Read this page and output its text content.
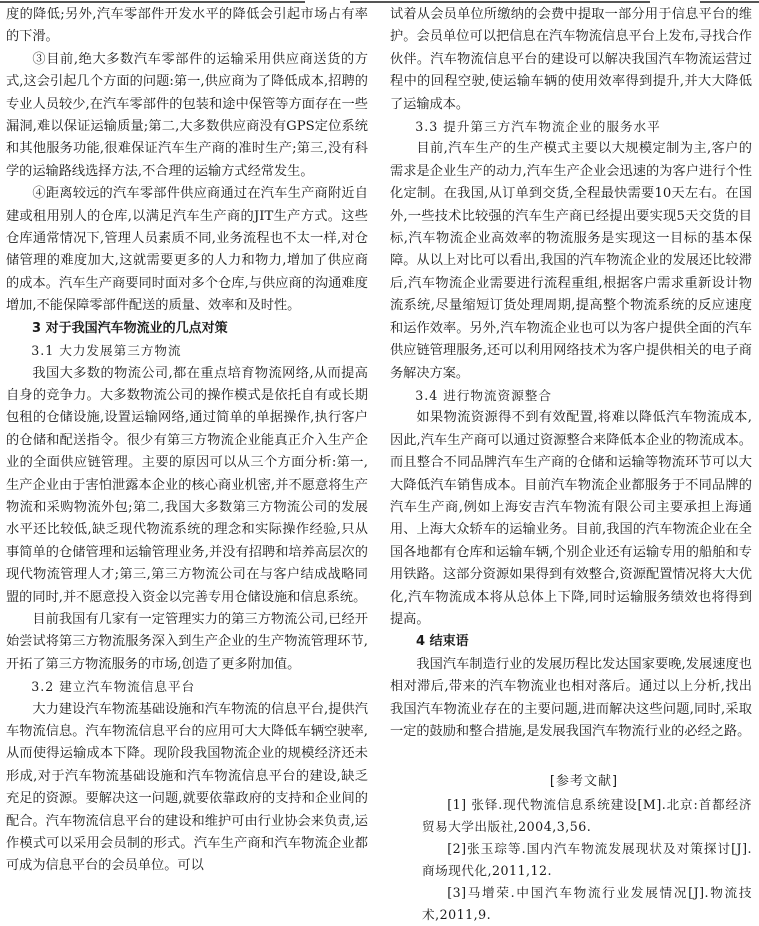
度的降低;另外,汽车零部件开发水平的降低会引起市场占有率的下滑。

③目前,绝大多数汽车零部件的运输采用供应商送货的方式,这会引起几个方面的问题:第一,供应商为了降低成本,招聘的专业人员较少,在汽车零部件的包装和途中保管等方面存在一些漏洞,难以保证运输质量;第二,大多数供应商没有GPS定位系统和其他服务功能,很难保证汽车生产商的准时生产;第三,没有科学的运输路线选择方法,不合理的运输方式经常发生。

④距离较远的汽车零部件供应商通过在汽车生产商附近自建或租用别人的仓库,以满足汽车生产商的JIT生产方式。这些仓库通常情况下,管理人员素质不同,业务流程也不太一样,对仓储管理的难度加大,这就需要更多的人力和物力,增加了供应商的成本。汽车生产商要同时面对多个仓库,与供应商的沟通难度增加,不能保障零部件配送的质量、效率和及时性。

3 对于我国汽车物流业的几点对策

3.1 大力发展第三方物流

我国大多数的物流公司,都在重点培育物流网络,从而提高自身的竞争力。大多数物流公司的操作模式是依托自有或长期包租的仓储设施,设置运输网络,通过简单的单据操作,执行客户的仓储和配送指令。很少有第三方物流企业能真正介入生产企业的全面供应链管理。主要的原因可以从三个方面分析:第一,生产企业由于害怕泄露本企业的核心商业机密,并不愿意将生产物流和采购物流外包;第二,我国大多数第三方物流公司的发展水平还比较低,缺乏现代物流系统的理念和实际操作经验,只从事简单的仓储管理和运输管理业务,并没有招聘和培养高层次的现代物流管理人才;第三,第三方物流公司在与客户结成战略同盟的同时,并不愿意投入资金以完善专用仓储设施和信息系统。

目前我国有几家有一定管理实力的第三方物流公司,已经开始尝试将第三方物流服务深入到生产企业的生产物流管理环节,开拓了第三方物流服务的市场,创造了更多附加值。

3.2 建立汽车物流信息平台

大力建设汽车物流基础设施和汽车物流的信息平台,提供汽车物流信息。汽车物流信息平台的应用可大大降低车辆空驶率,从而使得运输成本下降。现阶段我国物流企业的规模经济还未形成,对于汽车物流基础设施和汽车物流信息平台的建设,缺乏充足的资源。要解决这一问题,就要依靠政府的支持和企业间的配合。汽车物流信息平台的建设和维护可由行业协会来负责,运作模式可以采用会员制的形式。汽车生产商和汽车物流企业都可成为信息平台的会员单位。可以

试着从会员单位所缴纳的会费中提取一部分用于信息平台的维护。会员单位可以把信息在汽车物流信息平台上发布,寻找合作伙伴。汽车物流信息平台的建设可以解决我国汽车物流运营过程中的回程空驶,使运输车辆的使用效率得到提升,并大大降低了运输成本。

3.3 提升第三方汽车物流企业的服务水平

目前,汽车生产的生产模式主要以大规模定制为主,客户的需求是企业生产的动力,汽车生产企业会迅速的为客户进行个性化定制。在我国,从订单到交货,全程最快需要10天左右。在国外,一些技术比较强的汽车生产商已经提出要实现5天交货的目标,汽车物流企业高效率的物流服务是实现这一目标的基本保障。从以上对比可以看出,我国的汽车物流企业的发展还比较滞后,汽车物流企业需要进行流程重组,根据客户需求重新设计物流系统,尽量缩短订货处理周期,提高整个物流系统的反应速度和运作效率。另外,汽车物流企业也可以为客户提供全面的汽车供应链管理服务,还可以利用网络技术为客户提供相关的电子商务解决方案。

3.4 进行物流资源整合

如果物流资源得不到有效配置,将难以降低汽车物流成本,因此,汽车生产商可以通过资源整合来降低本企业的物流成本。而且整合不同品牌汽车生产商的仓储和运输等物流环节可以大大降低汽车销售成本。目前汽车物流企业都服务于不同品牌的汽车生产商,例如上海安吉汽车物流有限公司主要承担上海通用、上海大众轿车的运输业务。目前,我国的汽车物流企业在全国各地都有仓库和运输车辆,个别企业还有运输专用的船舶和专用铁路。这部分资源如果得到有效整合,资源配置情况将大大优化,汽车物流成本将从总体上下降,同时运输服务绩效也将得到提高。

4 结束语

我国汽车制造行业的发展历程比发达国家要晚,发展速度也相对滞后,带来的汽车物流业也相对落后。通过以上分析,找出我国汽车物流业存在的主要问题,进而解决这些问题,同时,采取一定的鼓励和整合措施,是发展我国汽车物流行业的必经之路。

[参考文献]

[1] 张铎.现代物流信息系统建设[M].北京:首都经济贸易大学出版社,2004,3,56.

[2]张玉琮等.国内汽车物流发展现状及对策探讨[J].商场现代化,2011,12.

[3]马增荣.中国汽车物流行业发展情况[J].物流技术,2011,9.
